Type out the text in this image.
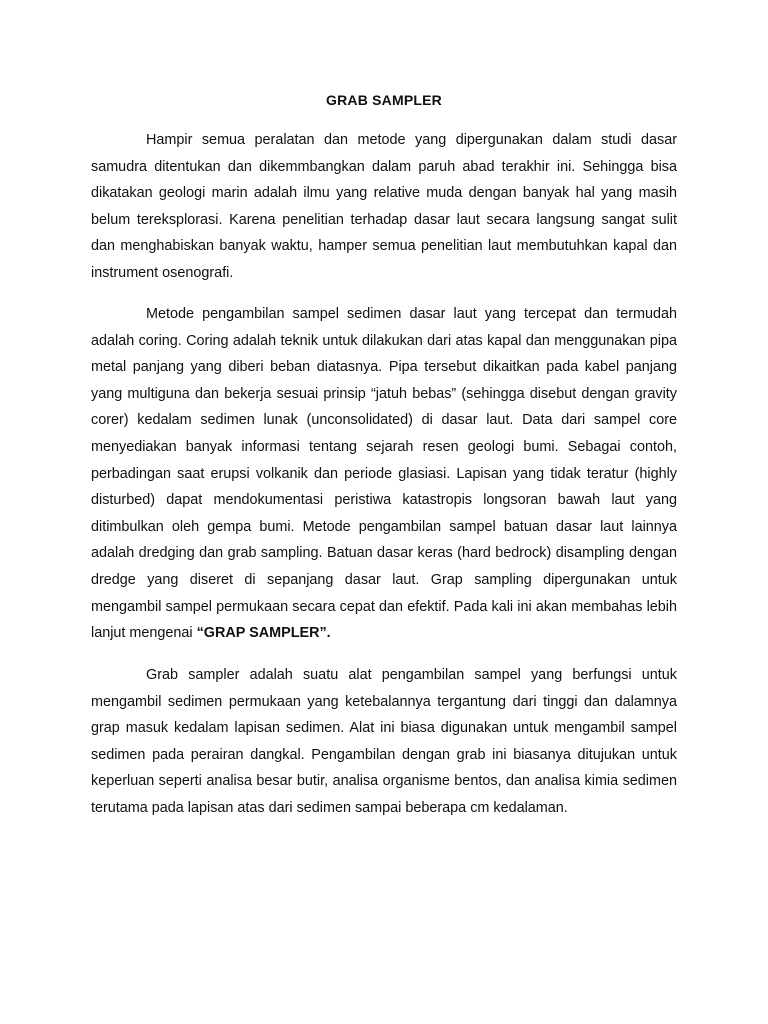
GRAB SAMPLER

Hampir semua peralatan dan metode yang dipergunakan dalam studi dasar samudra ditentukan dan dikemmbangkan dalam paruh abad terakhir ini. Sehingga bisa dikatakan geologi marin adalah ilmu yang relative muda dengan banyak hal yang masih belum tereksplorasi. Karena penelitian terhadap dasar laut secara langsung sangat sulit dan menghabiskan banyak waktu, hamper semua penelitian laut membutuhkan kapal dan instrument osenografi.

Metode pengambilan sampel sedimen dasar laut yang tercepat dan termudah adalah coring. Coring adalah teknik untuk dilakukan dari atas kapal dan menggunakan pipa metal panjang yang diberi beban diatasnya. Pipa tersebut dikaitkan pada kabel panjang yang multiguna dan bekerja sesuai prinsip “jatuh bebas” (sehingga disebut dengan gravity corer) kedalam sedimen lunak (unconsolidated) di dasar laut. Data dari sampel core menyediakan banyak informasi tentang sejarah resen geologi bumi. Sebagai contoh, perbadingan saat erupsi volkanik dan periode glasiasi. Lapisan yang tidak teratur (highly disturbed) dapat mendokumentasi peristiwa katastropis longsoran bawah laut yang ditimbulkan oleh gempa bumi. Metode pengambilan sampel batuan dasar laut lainnya adalah dredging dan grab sampling. Batuan dasar keras (hard bedrock) disampling dengan dredge yang diseret di sepanjang dasar laut. Grap sampling dipergunakan untuk mengambil sampel permukaan secara cepat dan efektif. Pada kali ini akan membahas lebih lanjut mengenai “GRAP SAMPLER”.

Grab sampler adalah suatu alat pengambilan sampel yang berfungsi untuk mengambil sedimen permukaan yang ketebalannya tergantung dari tinggi dan dalamnya grap masuk kedalam lapisan sedimen. Alat ini biasa digunakan untuk mengambil sampel sedimen pada perairan dangkal. Pengambilan dengan grab ini biasanya ditujukan untuk keperluan seperti analisa besar butir, analisa organisme bentos, dan analisa kimia sedimen terutama pada lapisan atas dari sedimen sampai beberapa cm kedalaman.
